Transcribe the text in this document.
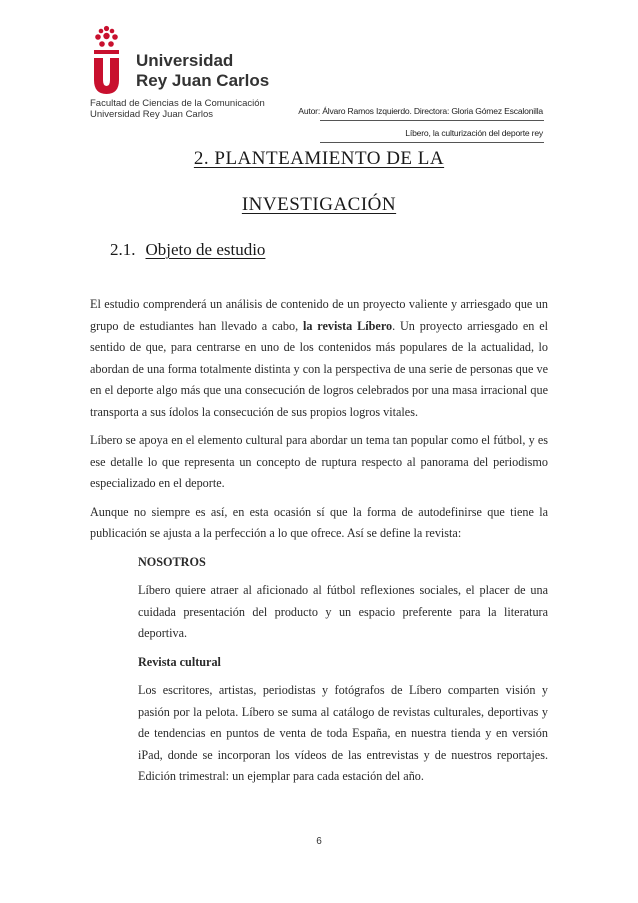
Universidad
Rey Juan Carlos
Facultad de Ciencias de la Comunicación
Universidad Rey Juan Carlos	Autor: Álvaro Ramos Izquierdo. Directora: Gloria Gómez Escalonilla
Líbero, la culturización del deporte rey
2. PLANTEAMIENTO DE LA
INVESTIGACIÓN
2.1. Objeto de estudio

El estudio comprenderá un análisis de contenido de un proyecto valiente y arriesgado que un grupo de estudiantes han llevado a cabo, la revista Líbero. Un proyecto arriesgado en el sentido de que, para centrarse en uno de los contenidos más populares de la actualidad, lo abordan de una forma totalmente distinta y con la perspectiva de una serie de personas que ve en el deporte algo más que una consecución de logros celebrados por una masa irracional que transporta a sus ídolos la consecución de sus propios logros vitales.

Líbero se apoya en el elemento cultural para abordar un tema tan popular como el fútbol, y es ese detalle lo que representa un concepto de ruptura respecto al panorama del periodismo especializado en el deporte.

Aunque no siempre es así, en esta ocasión sí que la forma de autodefinirse que tiene la publicación se ajusta a la perfección a lo que ofrece. Así se define la revista:

NOSOTROS

Líbero quiere atraer al aficionado al fútbol reflexiones sociales, el placer de una cuidada presentación del producto y un espacio preferente para la literatura deportiva.

Revista cultural

Los escritores, artistas, periodistas y fotógrafos de Líbero comparten visión y pasión por la pelota. Líbero se suma al catálogo de revistas culturales, deportivas y de tendencias en puntos de venta de toda España, en nuestra tienda y en versión iPad, donde se incorporan los vídeos de las entrevistas y de nuestros reportajes. Edición trimestral: un ejemplar para cada estación del año.

6
